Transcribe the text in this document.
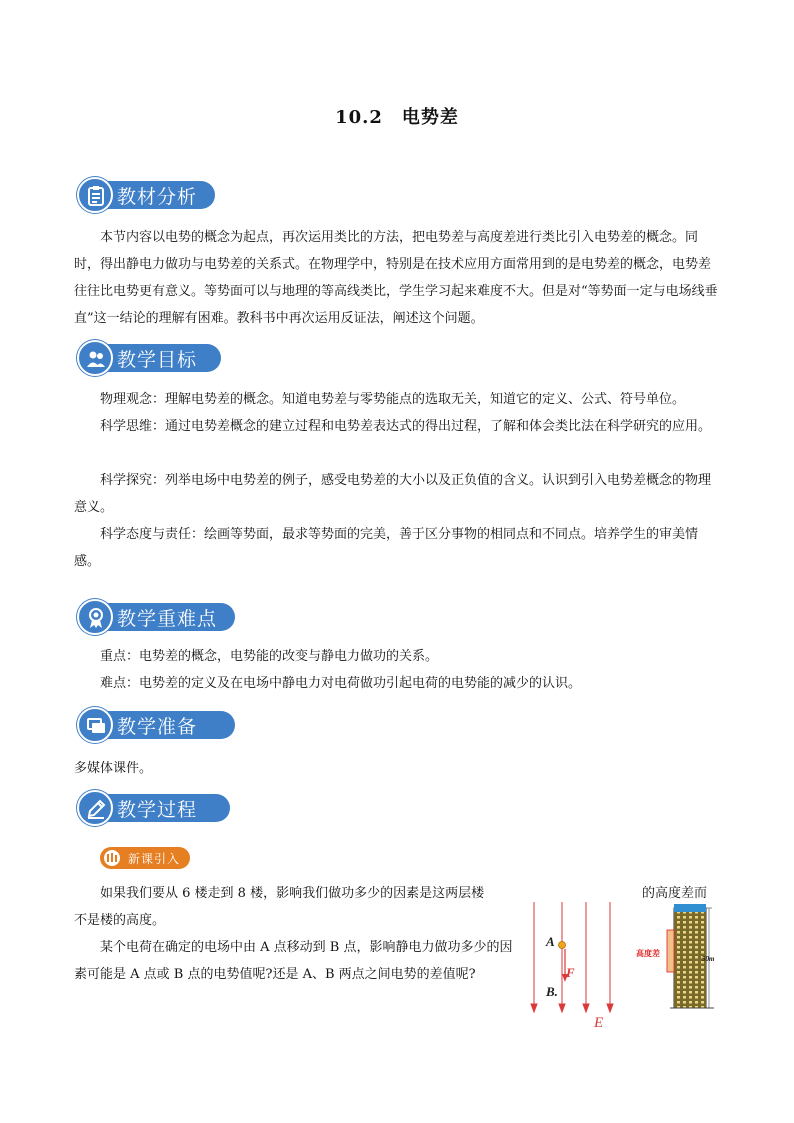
10.2　电势差
教材分析
本节内容以电势的概念为起点，再次运用类比的方法，把电势差与高度差进行类比引入电势差的概念。同时，得出静电力做功与电势差的关系式。在物理学中，特别是在技术应用方面常用到的是电势差的概念，电势差往往比电势更有意义。等势面可以与地理的等高线类比，学生学习起来难度不大。但是对“等势面一定与电场线垂直”这一结论的理解有困难。教科书中再次运用反证法，阐述这个问题。
教学目标
物理观念：理解电势差的概念。知道电势差与零势能点的选取无关，知道它的定义、公式、符号单位。
科学思维：通过电势差概念的建立过程和电势差表达式的得出过程，了解和体会类比法在科学研究的应用。
科学探究：列举电场中电势差的例子，感受电势差的大小以及正负值的含义。认识到引入电势差概念的物理意义。
科学态度与责任：绘画等势面，最求等势面的完美，善于区分事物的相同点和不同点。培养学生的审美情感。
教学重难点
重点：电势差的概念，电势能的改变与静电力做功的关系。
难点：电势差的定义及在电场中静电力对电荷做功引起电荷的电势能的减少的认识。
教学准备
多媒体课件。
教学过程
新课引入
如果我们要从 6 楼走到 8 楼，影响我们做功多少的因素是这两层楼	的高度差而
不是楼的高度。
某个电荷在确定的电场中由 A 点移动到 B 点，影响静电力做功多少的因素可能是 A 点或 B 点的电势值呢?还是 A、B 两点之间电势的差值呢?
A
B.
F
E
高度差
50m
